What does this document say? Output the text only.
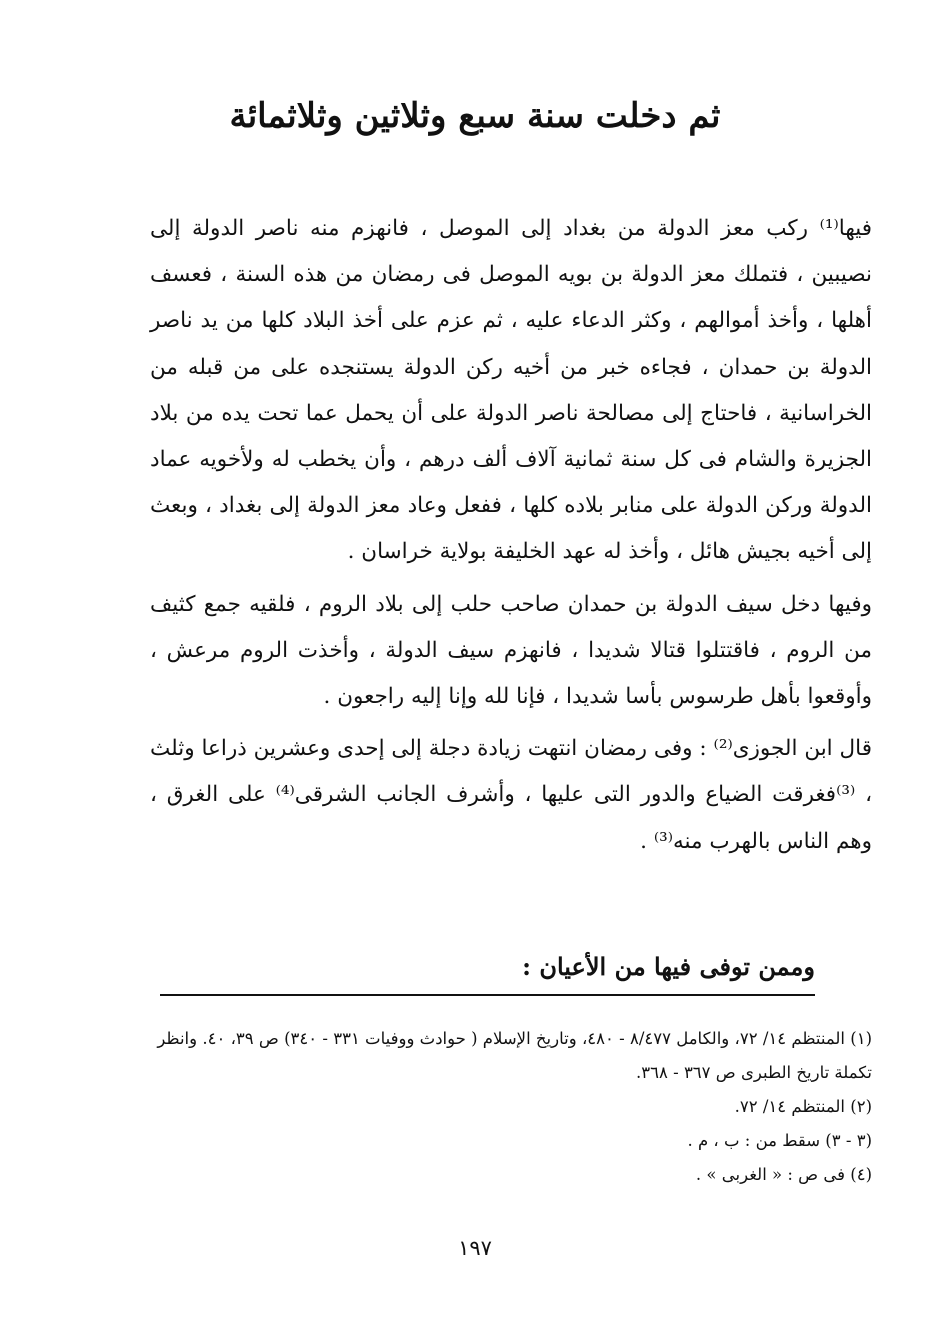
ثم دخلت سنة سبع وثلاثين وثلاثمائة

فيها⁽¹⁾ ركب معز الدولة من بغداد إلى الموصل ، فانهزم منه ناصر الدولة إلى نصيبين ، فتملك معز الدولة بن بويه الموصل فى رمضان من هذه السنة ، فعسف أهلها ، وأخذ أموالهم ، وكثر الدعاء عليه ، ثم عزم على أخذ البلاد كلها من يد ناصر الدولة بن حمدان ، فجاءه خبر من أخيه ركن الدولة يستنجده على من قبله من الخراسانية ، فاحتاج إلى مصالحة ناصر الدولة على أن يحمل عما تحت يده من بلاد الجزيرة والشام فى كل سنة ثمانية آلاف ألف درهم ، وأن يخطب له ولأخويه عماد الدولة وركن الدولة على منابر بلاده كلها ، ففعل وعاد معز الدولة إلى بغداد ، وبعث إلى أخيه بجيش هائل ، وأخذ له عهد الخليفة بولاية خراسان .

وفيها دخل سيف الدولة بن حمدان صاحب حلب إلى بلاد الروم ، فلقيه جمع كثيف من الروم ، فاقتتلوا قتالا شديدا ، فانهزم سيف الدولة ، وأخذت الروم مرعش ، وأوقعوا بأهل طرسوس بأسا شديدا ، فإنا لله وإنا إليه راجعون .

قال ابن الجوزى⁽²⁾ : وفى رمضان انتهت زيادة دجلة إلى إحدى وعشرين ذراعا وثلث ، ⁽³⁾فغرقت الضياع والدور التى عليها ، وأشرف الجانب الشرقى⁽⁴⁾ على الغرق ، وهم الناس بالهرب منه⁽³⁾ .

وممن توفى فيها من الأعيان :

(١) المنتظم ١٤/ ٧٢، والكامل ٨/٤٧٧ - ٤٨٠، وتاريخ الإسلام ( حوادث ووفيات ٣٣١ - ٣٤٠) ص ٣٩، ٤٠. وانظر تكملة تاريخ الطبرى ص ٣٦٧ - ٣٦٨.

(٢) المنتظم ١٤/ ٧٢.

(٣ - ٣) سقط من : ب ، م .

(٤) فى ص : « الغربى » .

١٩٧
